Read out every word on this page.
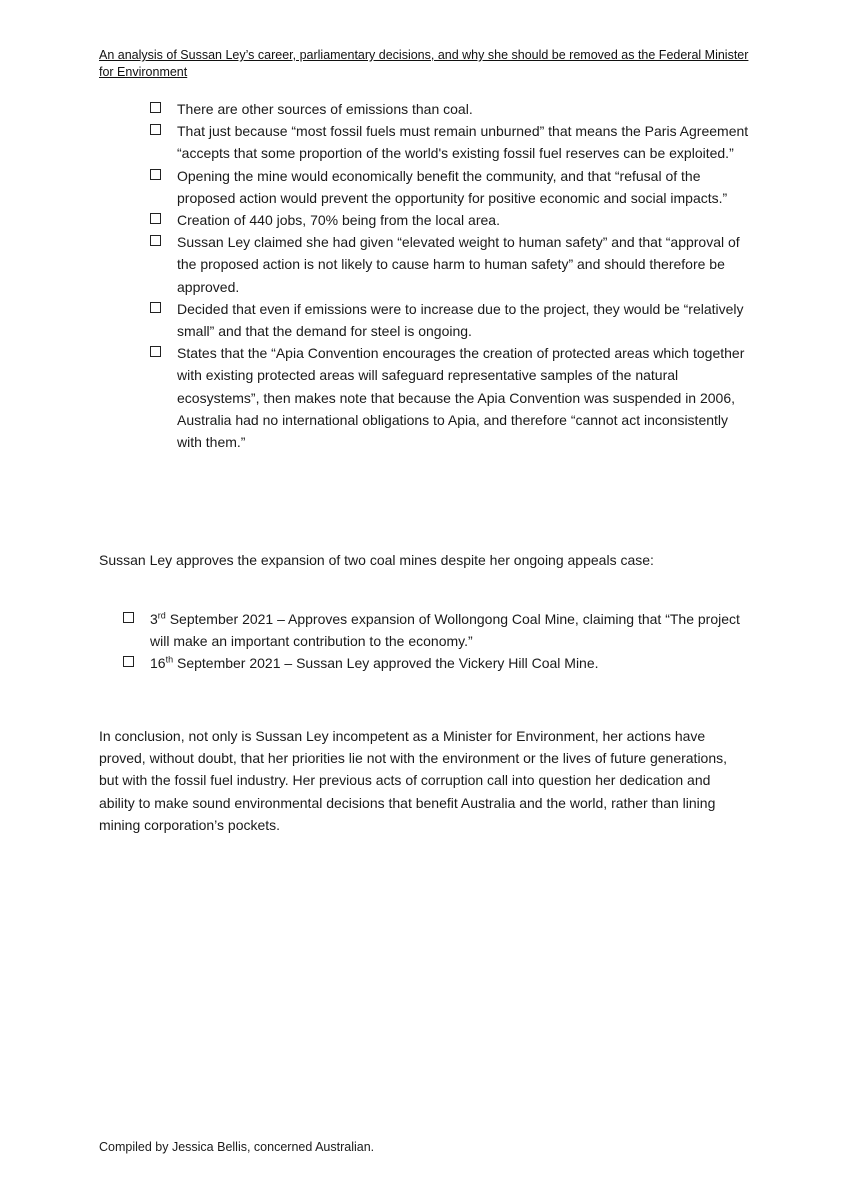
An analysis of Sussan Ley’s career, parliamentary decisions, and why she should be removed as the Federal Minister for Environment
There are other sources of emissions than coal.
That just because “most fossil fuels must remain unburned” that means the Paris Agreement “accepts that some proportion of the world's existing fossil fuel reserves can be exploited.”
Opening the mine would economically benefit the community, and that “refusal of the proposed action would prevent the opportunity for positive economic and social impacts.”
Creation of 440 jobs, 70% being from the local area.
Sussan Ley claimed she had given “elevated weight to human safety” and that “approval of the proposed action is not likely to cause harm to human safety” and should therefore be approved.
Decided that even if emissions were to increase due to the project, they would be “relatively small” and that the demand for steel is ongoing.
States that the “Apia Convention encourages the creation of protected areas which together with existing protected areas will safeguard representative samples of the natural ecosystems”, then makes note that because the Apia Convention was suspended in 2006, Australia had no international obligations to Apia, and therefore “cannot act inconsistently with them.”

Sussan Ley approves the expansion of two coal mines despite her ongoing appeals case:

3rd September 2021 – Approves expansion of Wollongong Coal Mine, claiming that “The project will make an important contribution to the economy.”
16th September 2021 – Sussan Ley approved the Vickery Hill Coal Mine.

In conclusion, not only is Sussan Ley incompetent as a Minister for Environment, her actions have proved, without doubt, that her priorities lie not with the environment or the lives of future generations, but with the fossil fuel industry. Her previous acts of corruption call into question her dedication and ability to make sound environmental decisions that benefit Australia and the world, rather than lining mining corporation’s pockets.

Compiled by Jessica Bellis, concerned Australian.
